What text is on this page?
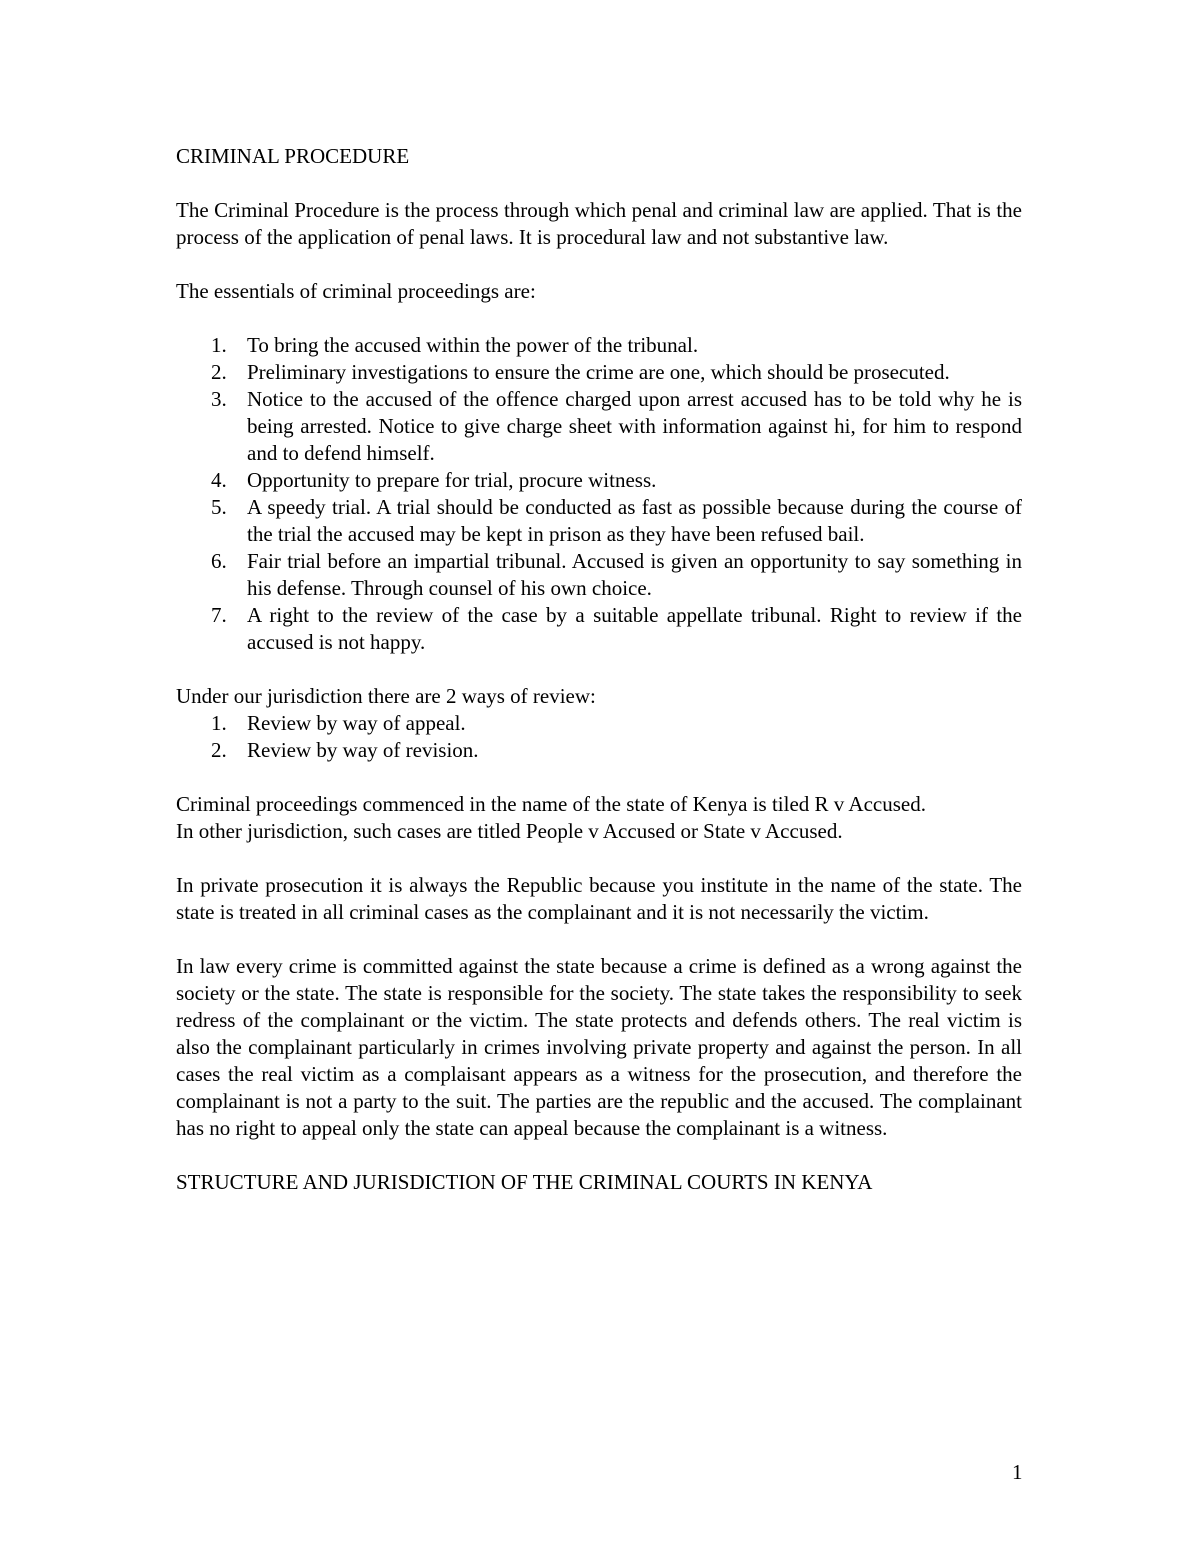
CRIMINAL PROCEDURE

The Criminal Procedure is the process through which penal and criminal law are applied. That is the process of the application of penal laws. It is procedural law and not substantive law.

The essentials of criminal proceedings are:

1. To bring the accused within the power of the tribunal.
2. Preliminary investigations to ensure the crime are one, which should be prosecuted.
3. Notice to the accused of the offence charged upon arrest accused has to be told why he is being arrested. Notice to give charge sheet with information against hi, for him to respond and to defend himself.
4. Opportunity to prepare for trial, procure witness.
5. A speedy trial. A trial should be conducted as fast as possible because during the course of the trial the accused may be kept in prison as they have been refused bail.
6. Fair trial before an impartial tribunal. Accused is given an opportunity to say something in his defense. Through counsel of his own choice.
7. A right to the review of the case by a suitable appellate tribunal. Right to review if the accused is not happy.

Under our jurisdiction there are 2 ways of review:

1. Review by way of appeal.
2. Review by way of revision.

Criminal proceedings commenced in the name of the state of Kenya is tiled R v Accused.

In other jurisdiction, such cases are titled People v Accused or State v Accused.

In private prosecution it is always the Republic because you institute in the name of the state. The state is treated in all criminal cases as the complainant and it is not necessarily the victim.

In law every crime is committed against the state because a crime is defined as a wrong against the society or the state. The state is responsible for the society. The state takes the responsibility to seek redress of the complainant or the victim. The state protects and defends others. The real victim is also the complainant particularly in crimes involving private property and against the person. In all cases the real victim as a complaisant appears as a witness for the prosecution, and therefore the complainant is not a party to the suit. The parties are the republic and the accused. The complainant has no right to appeal only the state can appeal because the complainant is a witness.

STRUCTURE AND JURISDICTION OF THE CRIMINAL COURTS IN KENYA

1
